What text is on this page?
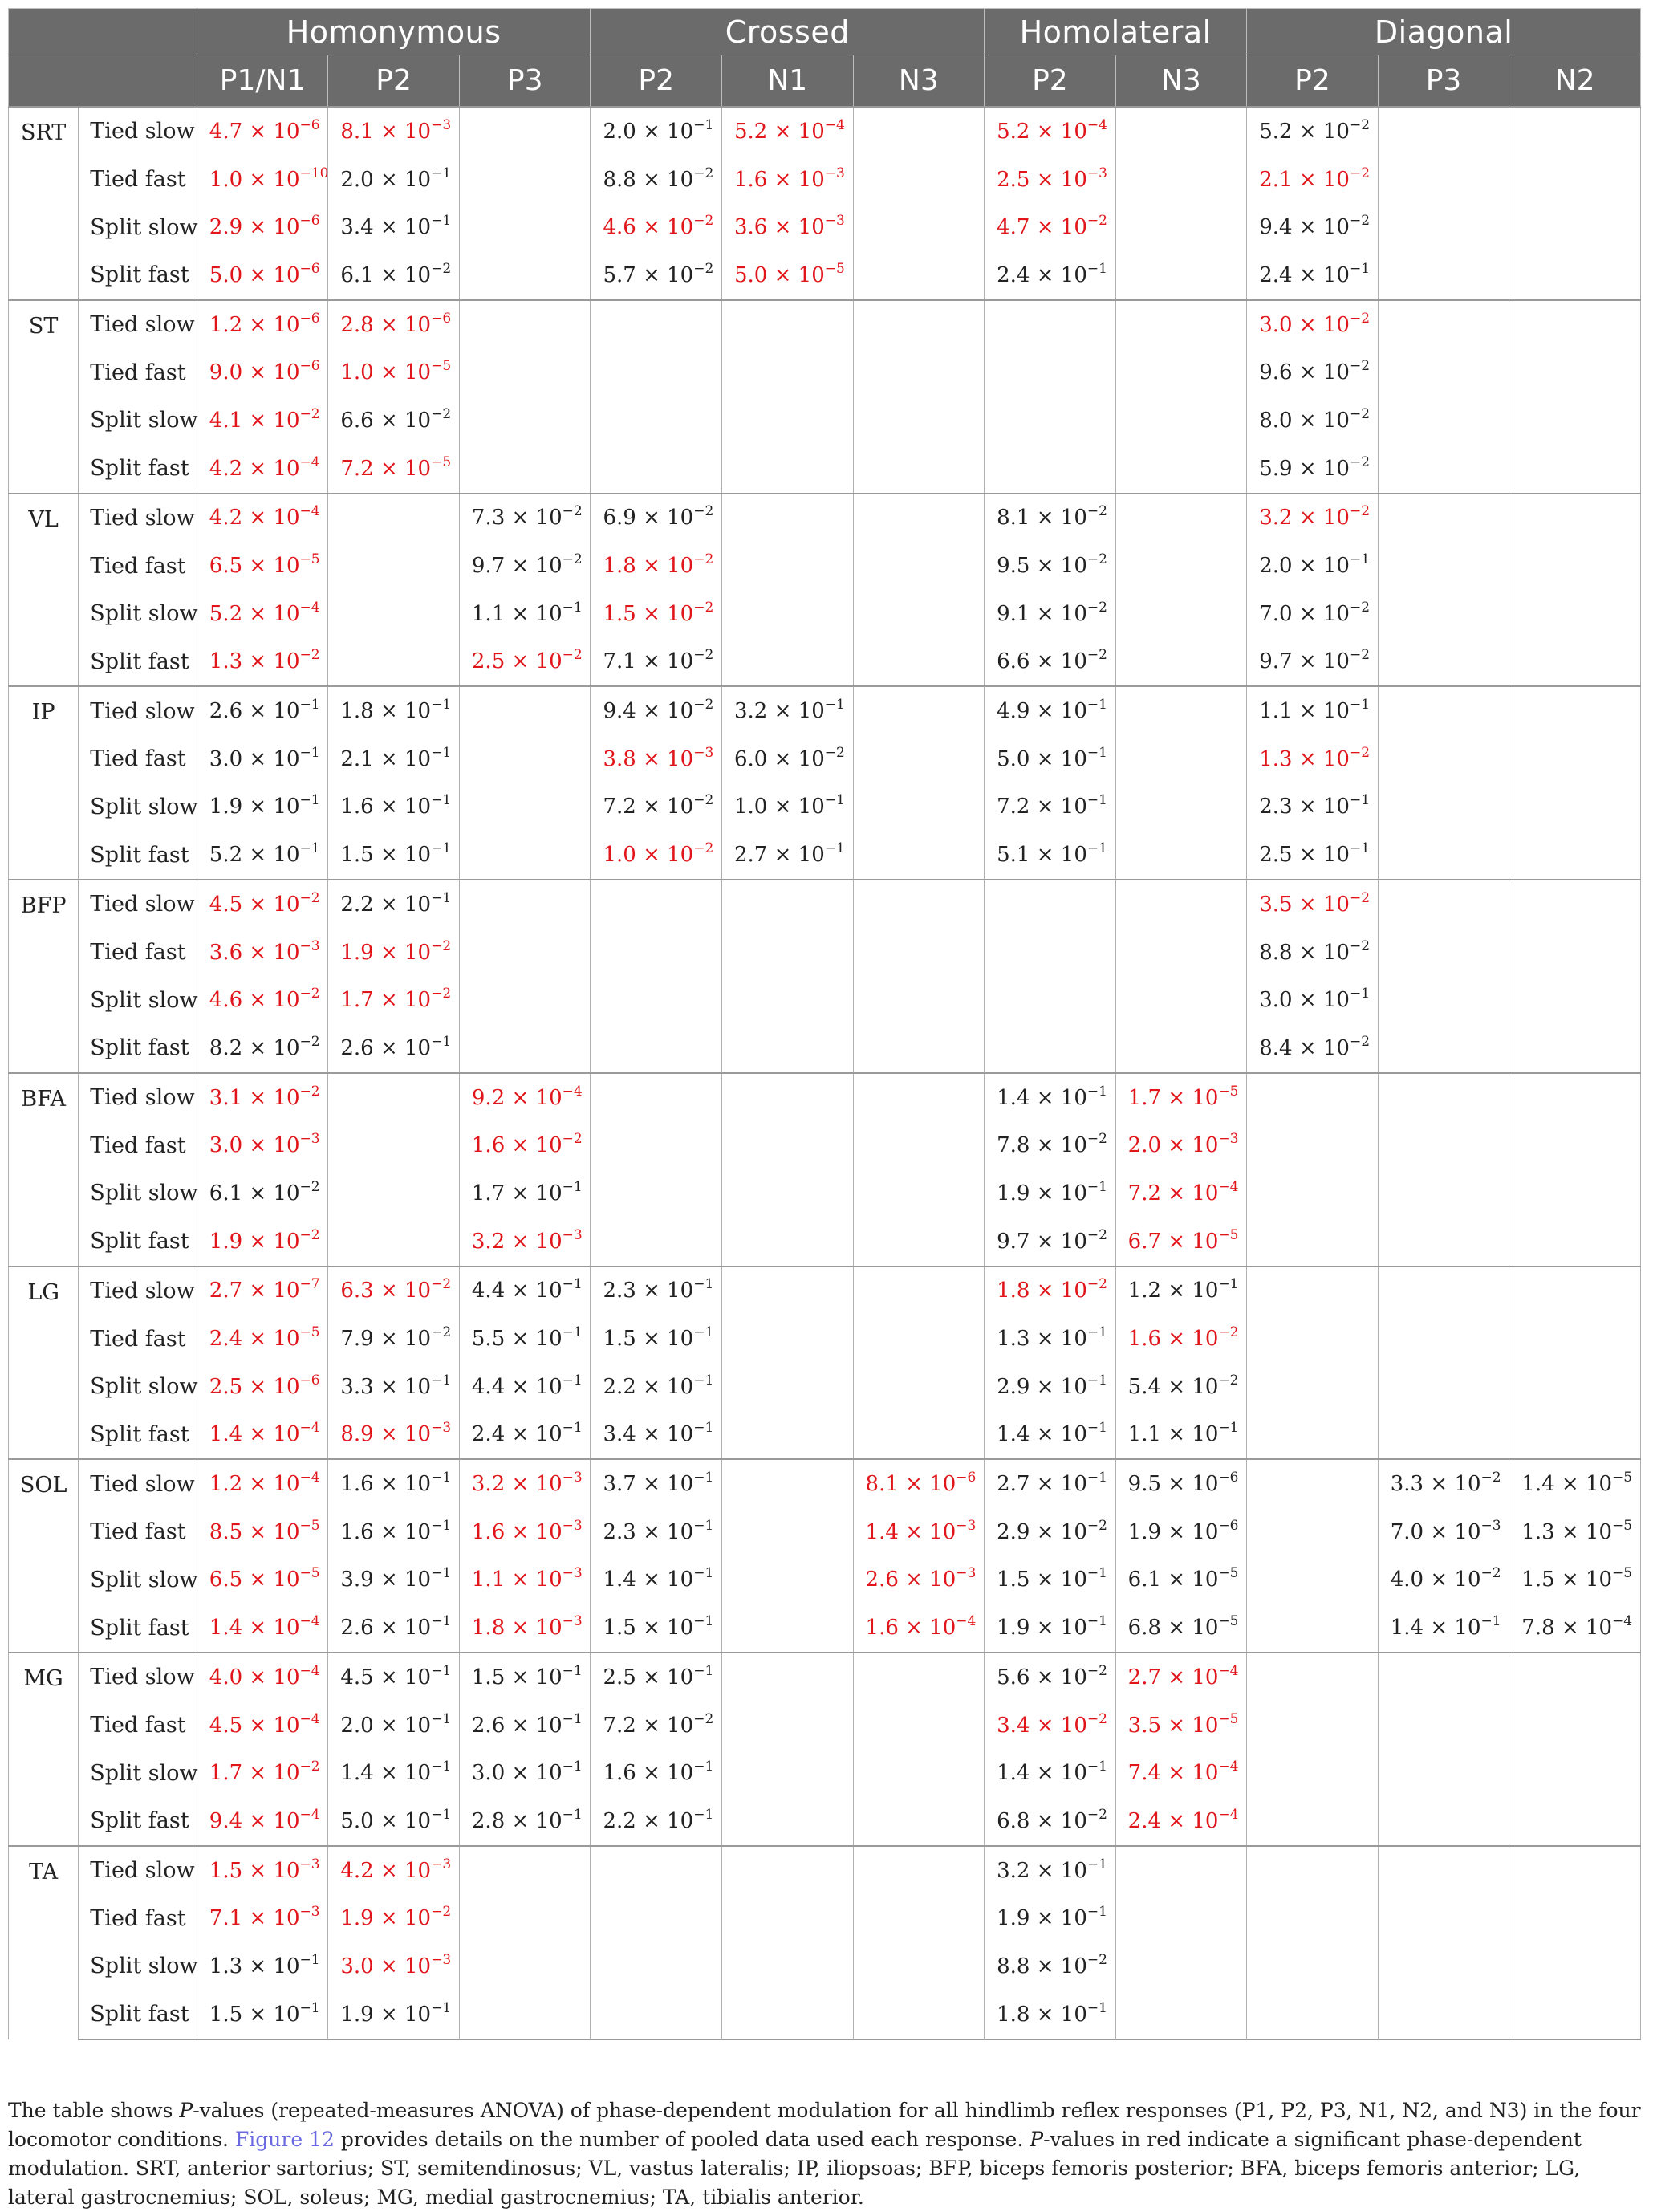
		Homonymous			Crossed			Homolateral		Diagonal		
		P1/N1	P2	P3	P2	N1	N3	P2	N3	P2	P3	N2
SRT	Tied slow	$4.7 \times 10^{-6}$	$8.1 \times 10^{-3}$		$2.0 \times 10^{-1}$	$5.2 \times 10^{-4}$		$5.2 \times 10^{-4}$		$5.2 \times 10^{-2}$		
	Tied fast	$1.0 \times 10^{-10}$	$2.0 \times 10^{-1}$		$8.8 \times 10^{-2}$	$1.6 \times 10^{-3}$		$2.5 \times 10^{-3}$		$2.1 \times 10^{-2}$		
	Split slow	$2.9 \times 10^{-6}$	$3.4 \times 10^{-1}$		$4.6 \times 10^{-2}$	$3.6 \times 10^{-3}$		$4.7 \times 10^{-2}$		$9.4 \times 10^{-2}$		
	Split fast	$5.0 \times 10^{-6}$	$6.1 \times 10^{-2}$		$5.7 \times 10^{-2}$	$5.0 \times 10^{-5}$		$2.4 \times 10^{-1}$		$2.4 \times 10^{-1}$		
ST	Tied slow	$1.2 \times 10^{-6}$	$2.8 \times 10^{-6}$							$3.0 \times 10^{-2}$		
	Tied fast	$9.0 \times 10^{-6}$	$1.0 \times 10^{-5}$							$9.6 \times 10^{-2}$		
	Split slow	$4.1 \times 10^{-2}$	$6.6 \times 10^{-2}$							$8.0 \times 10^{-2}$		
	Split fast	$4.2 \times 10^{-4}$	$7.2 \times 10^{-5}$							$5.9 \times 10^{-2}$		
VL	Tied slow	$4.2 \times 10^{-4}$		$7.3 \times 10^{-2}$	$6.9 \times 10^{-2}$			$8.1 \times 10^{-2}$		$3.2 \times 10^{-2}$		
	Tied fast	$6.5 \times 10^{-5}$		$9.7 \times 10^{-2}$	$1.8 \times 10^{-2}$			$9.5 \times 10^{-2}$		$2.0 \times 10^{-1}$		
	Split slow	$5.2 \times 10^{-4}$		$1.1 \times 10^{-1}$	$1.5 \times 10^{-2}$			$9.1 \times 10^{-2}$		$7.0 \times 10^{-2}$		
	Split fast	$1.3 \times 10^{-2}$		$2.5 \times 10^{-2}$	$7.1 \times 10^{-2}$			$6.6 \times 10^{-2}$		$9.7 \times 10^{-2}$		
IP	Tied slow	$2.6 \times 10^{-1}$	$1.8 \times 10^{-1}$		$9.4 \times 10^{-2}$	$3.2 \times 10^{-1}$		$4.9 \times 10^{-1}$		$1.1 \times 10^{-1}$		
	Tied fast	$3.0 \times 10^{-1}$	$2.1 \times 10^{-1}$		$3.8 \times 10^{-3}$	$6.0 \times 10^{-2}$		$5.0 \times 10^{-1}$		$1.3 \times 10^{-2}$		
	Split slow	$1.9 \times 10^{-1}$	$1.6 \times 10^{-1}$		$7.2 \times 10^{-2}$	$1.0 \times 10^{-1}$		$7.2 \times 10^{-1}$		$2.3 \times 10^{-1}$		
	Split fast	$5.2 \times 10^{-1}$	$1.5 \times 10^{-1}$		$1.0 \times 10^{-2}$	$2.7 \times 10^{-1}$		$5.1 \times 10^{-1}$		$2.5 \times 10^{-1}$		
BFP	Tied slow	$4.5 \times 10^{-2}$	$2.2 \times 10^{-1}$							$3.5 \times 10^{-2}$		
	Tied fast	$3.6 \times 10^{-3}$	$1.9 \times 10^{-2}$							$8.8 \times 10^{-2}$		
	Split slow	$4.6 \times 10^{-2}$	$1.7 \times 10^{-2}$							$3.0 \times 10^{-1}$		
	Split fast	$8.2 \times 10^{-2}$	$2.6 \times 10^{-1}$							$8.4 \times 10^{-2}$		
BFA	Tied slow	$3.1 \times 10^{-2}$		$9.2 \times 10^{-4}$				$1.4 \times 10^{-1}$	$1.7 \times 10^{-5}$			
	Tied fast	$3.0 \times 10^{-3}$		$1.6 \times 10^{-2}$				$7.8 \times 10^{-2}$	$2.0 \times 10^{-3}$			
	Split slow	$6.1 \times 10^{-2}$		$1.7 \times 10^{-1}$				$1.9 \times 10^{-1}$	$7.2 \times 10^{-4}$			
	Split fast	$1.9 \times 10^{-2}$		$3.2 \times 10^{-3}$				$9.7 \times 10^{-2}$	$6.7 \times 10^{-5}$			
LG	Tied slow	$2.7 \times 10^{-7}$	$6.3 \times 10^{-2}$	$4.4 \times 10^{-1}$	$2.3 \times 10^{-1}$			$1.8 \times 10^{-2}$	$1.2 \times 10^{-1}$			
	Tied fast	$2.4 \times 10^{-5}$	$7.9 \times 10^{-2}$	$5.5 \times 10^{-1}$	$1.5 \times 10^{-1}$			$1.3 \times 10^{-1}$	$1.6 \times 10^{-2}$			
	Split slow	$2.5 \times 10^{-6}$	$3.3 \times 10^{-1}$	$4.4 \times 10^{-1}$	$2.2 \times 10^{-1}$			$2.9 \times 10^{-1}$	$5.4 \times 10^{-2}$			
	Split fast	$1.4 \times 10^{-4}$	$8.9 \times 10^{-3}$	$2.4 \times 10^{-1}$	$3.4 \times 10^{-1}$			$1.4 \times 10^{-1}$	$1.1 \times 10^{-1}$			
SOL	Tied slow	$1.2 \times 10^{-4}$	$1.6 \times 10^{-1}$	$3.2 \times 10^{-3}$	$3.7 \times 10^{-1}$		$8.1 \times 10^{-6}$	$2.7 \times 10^{-1}$	$9.5 \times 10^{-6}$		$3.3 \times 10^{-2}$	$1.4 \times 10^{-5}$
	Tied fast	$8.5 \times 10^{-5}$	$1.6 \times 10^{-1}$	$1.6 \times 10^{-3}$	$2.3 \times 10^{-1}$		$1.4 \times 10^{-3}$	$2.9 \times 10^{-2}$	$1.9 \times 10^{-6}$		$7.0 \times 10^{-3}$	$1.3 \times 10^{-5}$
	Split slow	$6.5 \times 10^{-5}$	$3.9 \times 10^{-1}$	$1.1 \times 10^{-3}$	$1.4 \times 10^{-1}$		$2.6 \times 10^{-3}$	$1.5 \times 10^{-1}$	$6.1 \times 10^{-5}$		$4.0 \times 10^{-2}$	$1.5 \times 10^{-5}$
	Split fast	$1.4 \times 10^{-4}$	$2.6 \times 10^{-1}$	$1.8 \times 10^{-3}$	$1.5 \times 10^{-1}$		$1.6 \times 10^{-4}$	$1.9 \times 10^{-1}$	$6.8 \times 10^{-5}$		$1.4 \times 10^{-1}$	$7.8 \times 10^{-4}$
MG	Tied slow	$4.0 \times 10^{-4}$	$4.5 \times 10^{-1}$	$1.5 \times 10^{-1}$	$2.5 \times 10^{-1}$			$5.6 \times 10^{-2}$	$2.7 \times 10^{-4}$			
	Tied fast	$4.5 \times 10^{-4}$	$2.0 \times 10^{-1}$	$2.6 \times 10^{-1}$	$7.2 \times 10^{-2}$			$3.4 \times 10^{-2}$	$3.5 \times 10^{-5}$			
	Split slow	$1.7 \times 10^{-2}$	$1.4 \times 10^{-1}$	$3.0 \times 10^{-1}$	$1.6 \times 10^{-1}$			$1.4 \times 10^{-1}$	$7.4 \times 10^{-4}$			
	Split fast	$9.4 \times 10^{-4}$	$5.0 \times 10^{-1}$	$2.8 \times 10^{-1}$	$2.2 \times 10^{-1}$			$6.8 \times 10^{-2}$	$2.4 \times 10^{-4}$			
TA	Tied slow	$1.5 \times 10^{-3}$	$4.2 \times 10^{-3}$					$3.2 \times 10^{-1}$				
	Tied fast	$7.1 \times 10^{-3}$	$1.9 \times 10^{-2}$					$1.9 \times 10^{-1}$				
	Split slow	$1.3 \times 10^{-1}$	$3.0 \times 10^{-3}$					$8.8 \times 10^{-2}$				
	Split fast	$1.5 \times 10^{-1}$	$1.9 \times 10^{-1}$					$1.8 \times 10^{-1}$				
The table shows P-values (repeated-measures ANOVA) of phase-dependent modulation for all hindlimb reflex responses (P1, P2, P3, N1, N2, and N3) in the four locomotor conditions. Figure 12 provides details on the number of pooled data used each response. P-values in red indicate a significant phase-dependent modulation. SRT, anterior sartorius; ST, semitendinosus; VL, vastus lateralis; IP, iliopsoas; BFP, biceps femoris posterior; BFA, biceps femoris anterior; LG, lateral gastrocnemius; SOL, soleus; MG, medial gastrocnemius; TA, tibialis anterior.
